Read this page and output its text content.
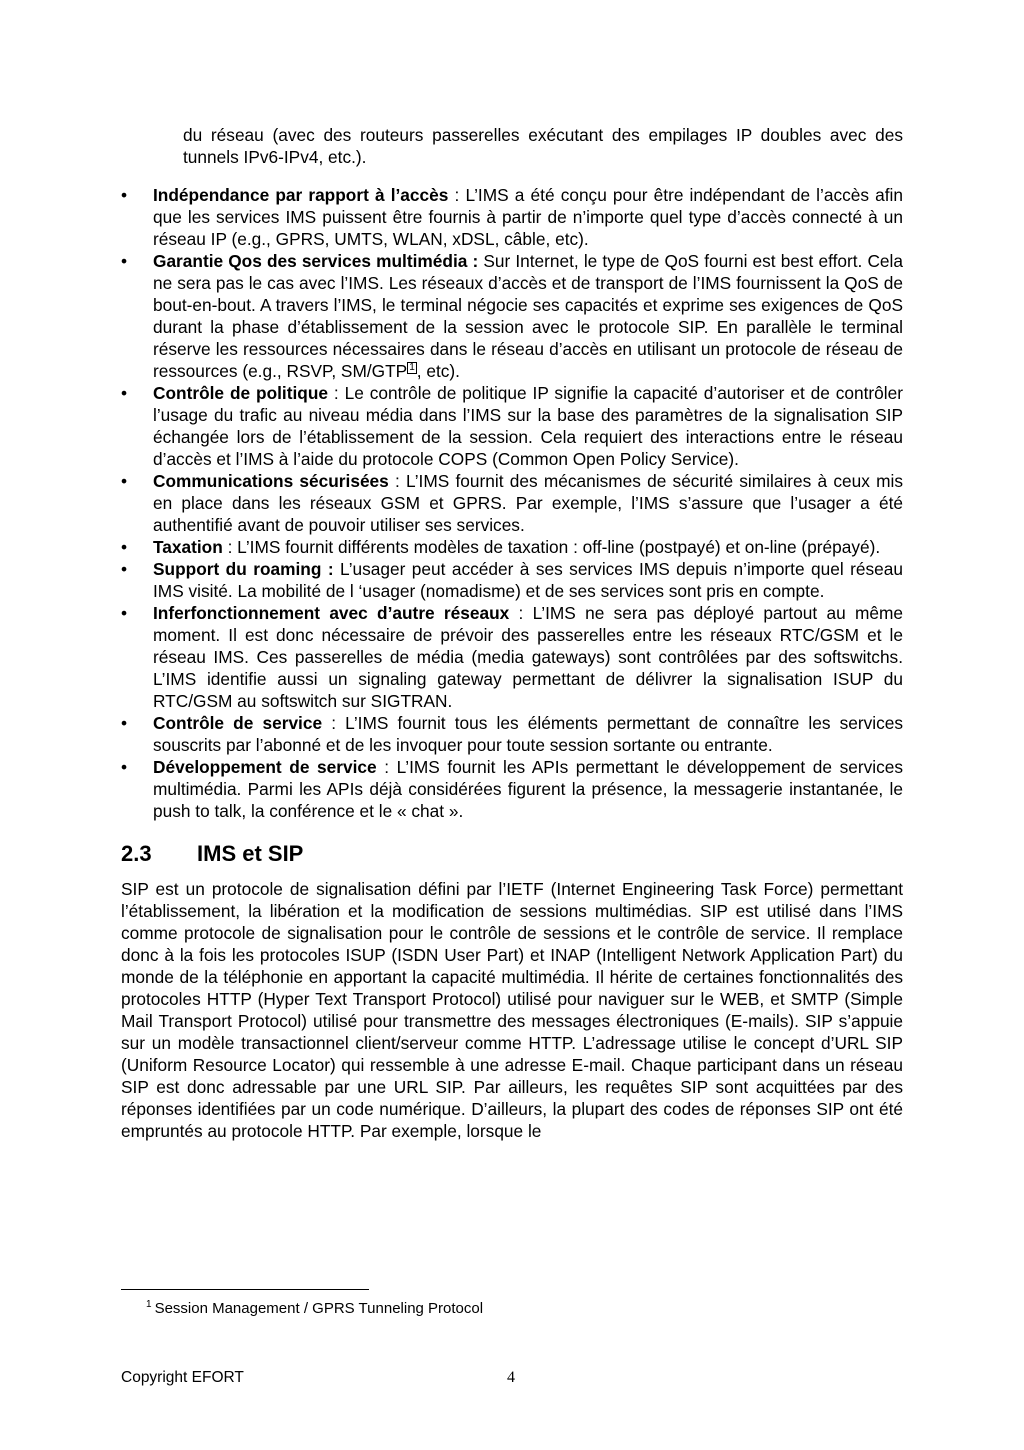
du réseau (avec des routeurs passerelles exécutant des empilages IP doubles avec des tunnels IPv6-IPv4, etc.).

•	Indépendance par rapport à l’accès : L’IMS a été conçu pour être indépendant de l’accès afin que les services IMS puissent être fournis à partir de n’importe quel type d’accès connecté à un réseau IP (e.g., GPRS, UMTS, WLAN, xDSL, câble, etc).
•	Garantie Qos des services multimédia : Sur Internet, le type de QoS fourni est best effort. Cela ne sera pas le cas avec l’IMS. Les réseaux d’accès et de transport de l’IMS fournissent la QoS de bout-en-bout. A travers l’IMS, le terminal négocie ses capacités et exprime ses exigences de QoS durant la phase d’établissement de la session avec le protocole SIP. En parallèle le terminal réserve les ressources nécessaires dans le réseau d’accès en utilisant un protocole de réseau de ressources (e.g., RSVP, SM/GTP 1 , etc).
•	Contrôle de politique : Le contrôle de politique IP signifie la capacité d’autoriser et de contrôler l’usage du trafic au niveau média dans l’IMS sur la base des paramètres de la signalisation SIP échangée lors de l’établissement de la session. Cela requiert des interactions entre le réseau d’accès et l’IMS à l’aide du protocole COPS (Common Open Policy Service).
•	Communications sécurisées : L’IMS fournit des mécanismes de sécurité similaires à ceux mis en place dans les réseaux GSM et GPRS. Par exemple, l’IMS s’assure que l’usager a été authentifié avant de pouvoir utiliser ses services.
•	Taxation : L’IMS fournit différents modèles de taxation : off-line (postpayé) et on-line (prépayé).
•	Support du roaming : L’usager peut accéder à ses services IMS depuis n’importe quel réseau IMS visité. La mobilité de l ‘usager (nomadisme) et de ses services sont pris en compte.
•	Inferfonctionnement avec d’autre réseaux : L’IMS ne sera pas déployé partout au même moment. Il est donc nécessaire de prévoir des passerelles entre les réseaux RTC/GSM et le réseau IMS. Ces passerelles de média (media gateways) sont contrôlées par des softswitchs. L’IMS identifie aussi un signaling gateway permettant de délivrer la signalisation ISUP du RTC/GSM au softswitch sur SIGTRAN.
•	Contrôle de service : L’IMS fournit tous les éléments permettant de connaître les services souscrits par l’abonné et de les invoquer pour toute session sortante ou entrante.
•	Développement de service : L’IMS fournit les APIs permettant le développement de services multimédia. Parmi les APIs déjà considérées figurent la présence, la messagerie instantanée, le push to talk, la conférence et le « chat ».
2.3	IMS et SIP

SIP est un protocole de signalisation défini par l’IETF (Internet Engineering Task Force) permettant l’établissement, la libération et la modification de sessions multimédias. SIP est utilisé dans l’IMS comme protocole de signalisation pour le contrôle de sessions et le contrôle de service. Il remplace donc à la fois les protocoles ISUP (ISDN User Part) et INAP (Intelligent Network Application Part) du monde de la téléphonie en apportant la capacité multimédia. Il hérite de certaines fonctionnalités des protocoles HTTP (Hyper Text Transport Protocol) utilisé pour naviguer sur le WEB, et SMTP (Simple Mail Transport Protocol) utilisé pour transmettre des messages électroniques (E-mails). SIP s’appuie sur un modèle transactionnel client/serveur comme HTTP. L’adressage utilise le concept d’URL SIP (Uniform Resource Locator) qui ressemble à une adresse E-mail. Chaque participant dans un réseau SIP est donc adressable par une URL SIP. Par ailleurs, les requêtes SIP sont acquittées par des réponses identifiées par un code numérique. D’ailleurs, la plupart des codes de réponses SIP ont été empruntés au protocole HTTP. Par exemple, lorsque le

$^1$ Session Management / GPRS Tunneling Protocol
Copyright EFORT	4
